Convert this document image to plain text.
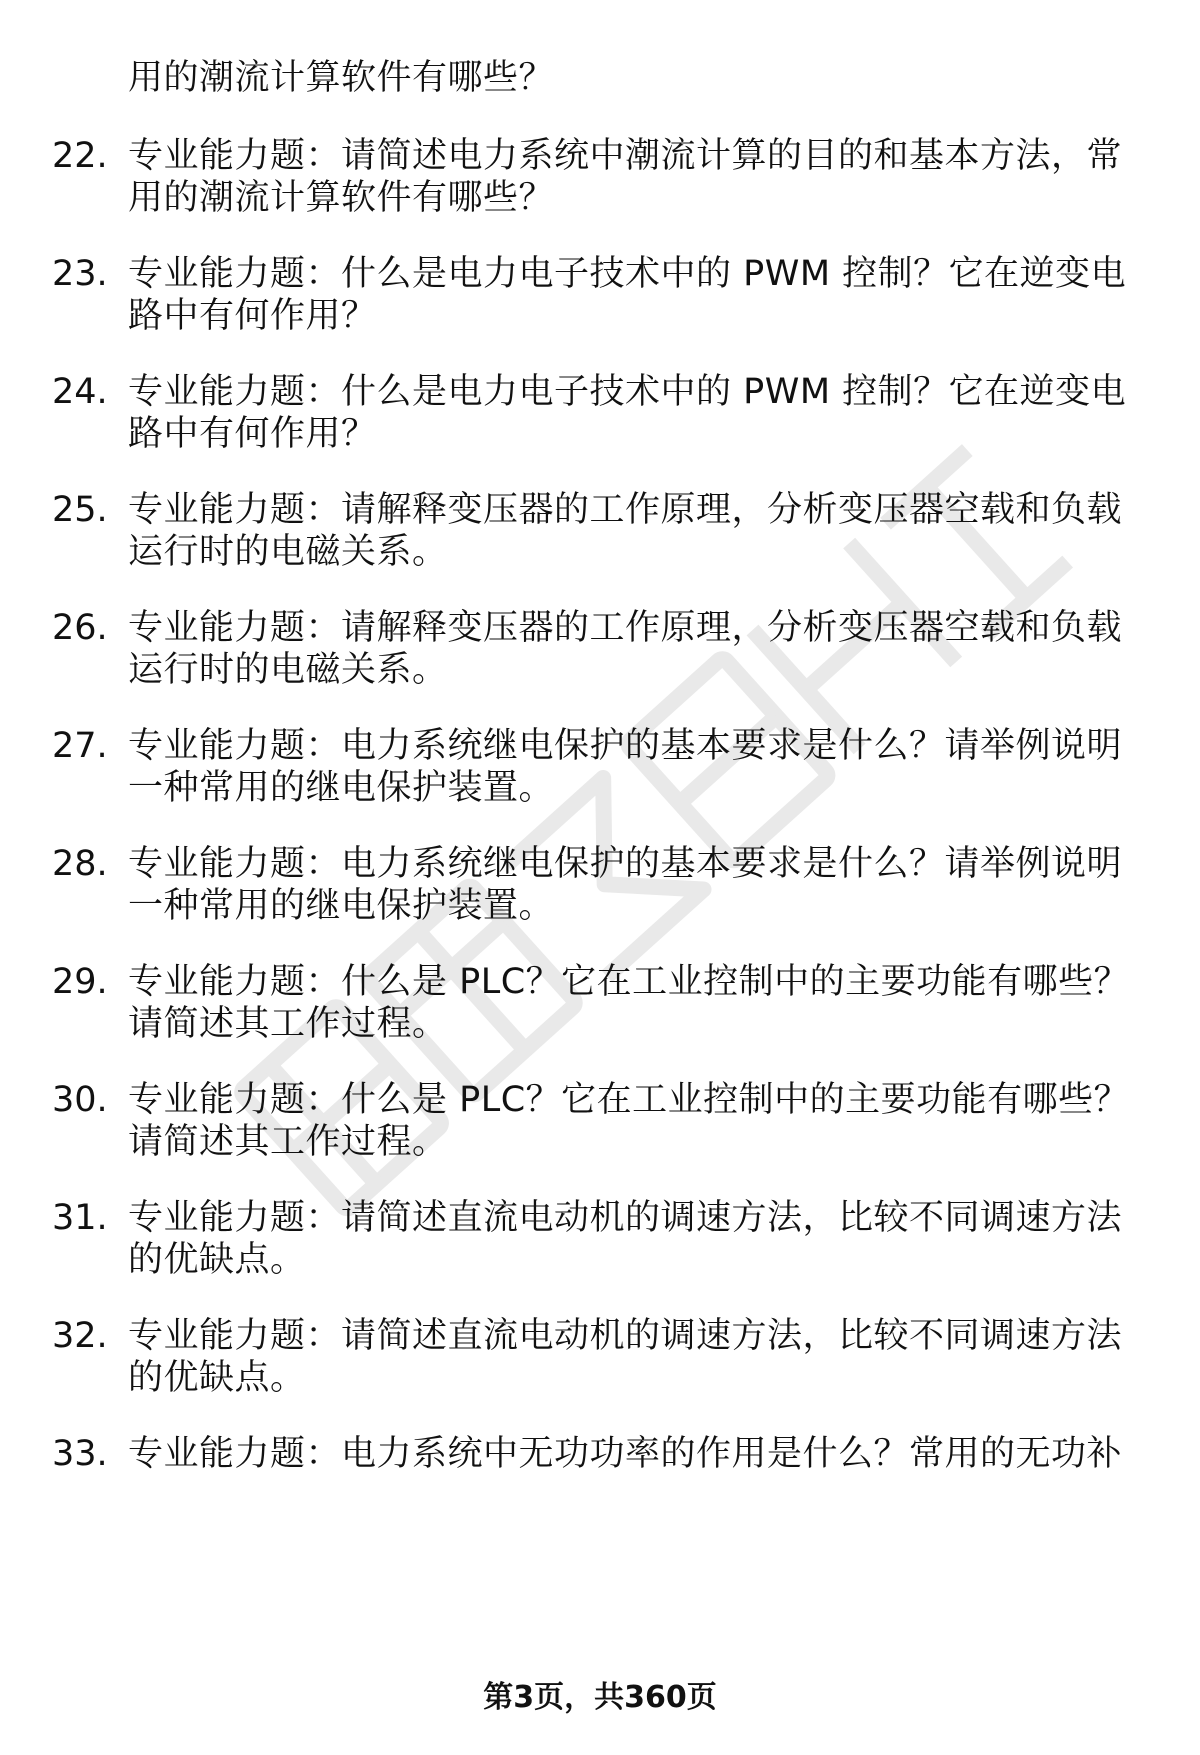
用的潮流计算软件有哪些？
22. 专业能力题：请简述电力系统中潮流计算的目的和基本方法，常
用的潮流计算软件有哪些？
23. 专业能力题：什么是电力电子技术中的 PWM 控制？它在逆变电
路中有何作用？
24. 专业能力题：什么是电力电子技术中的 PWM 控制？它在逆变电
路中有何作用？
25. 专业能力题：请解释变压器的工作原理，分析变压器空载和负载
运行时的电磁关系。
26. 专业能力题：请解释变压器的工作原理，分析变压器空载和负载
运行时的电磁关系。
27. 专业能力题：电力系统继电保护的基本要求是什么？请举例说明
一种常用的继电保护装置。
28. 专业能力题：电力系统继电保护的基本要求是什么？请举例说明
一种常用的继电保护装置。
29. 专业能力题：什么是 PLC？它在工业控制中的主要功能有哪些？
请简述其工作过程。
30. 专业能力题：什么是 PLC？它在工业控制中的主要功能有哪些？
请简述其工作过程。
31. 专业能力题：请简述直流电动机的调速方法，比较不同调速方法
的优缺点。
32. 专业能力题：请简述直流电动机的调速方法，比较不同调速方法
的优缺点。
33. 专业能力题：电力系统中无功功率的作用是什么？常用的无功补
第3页，共360页
